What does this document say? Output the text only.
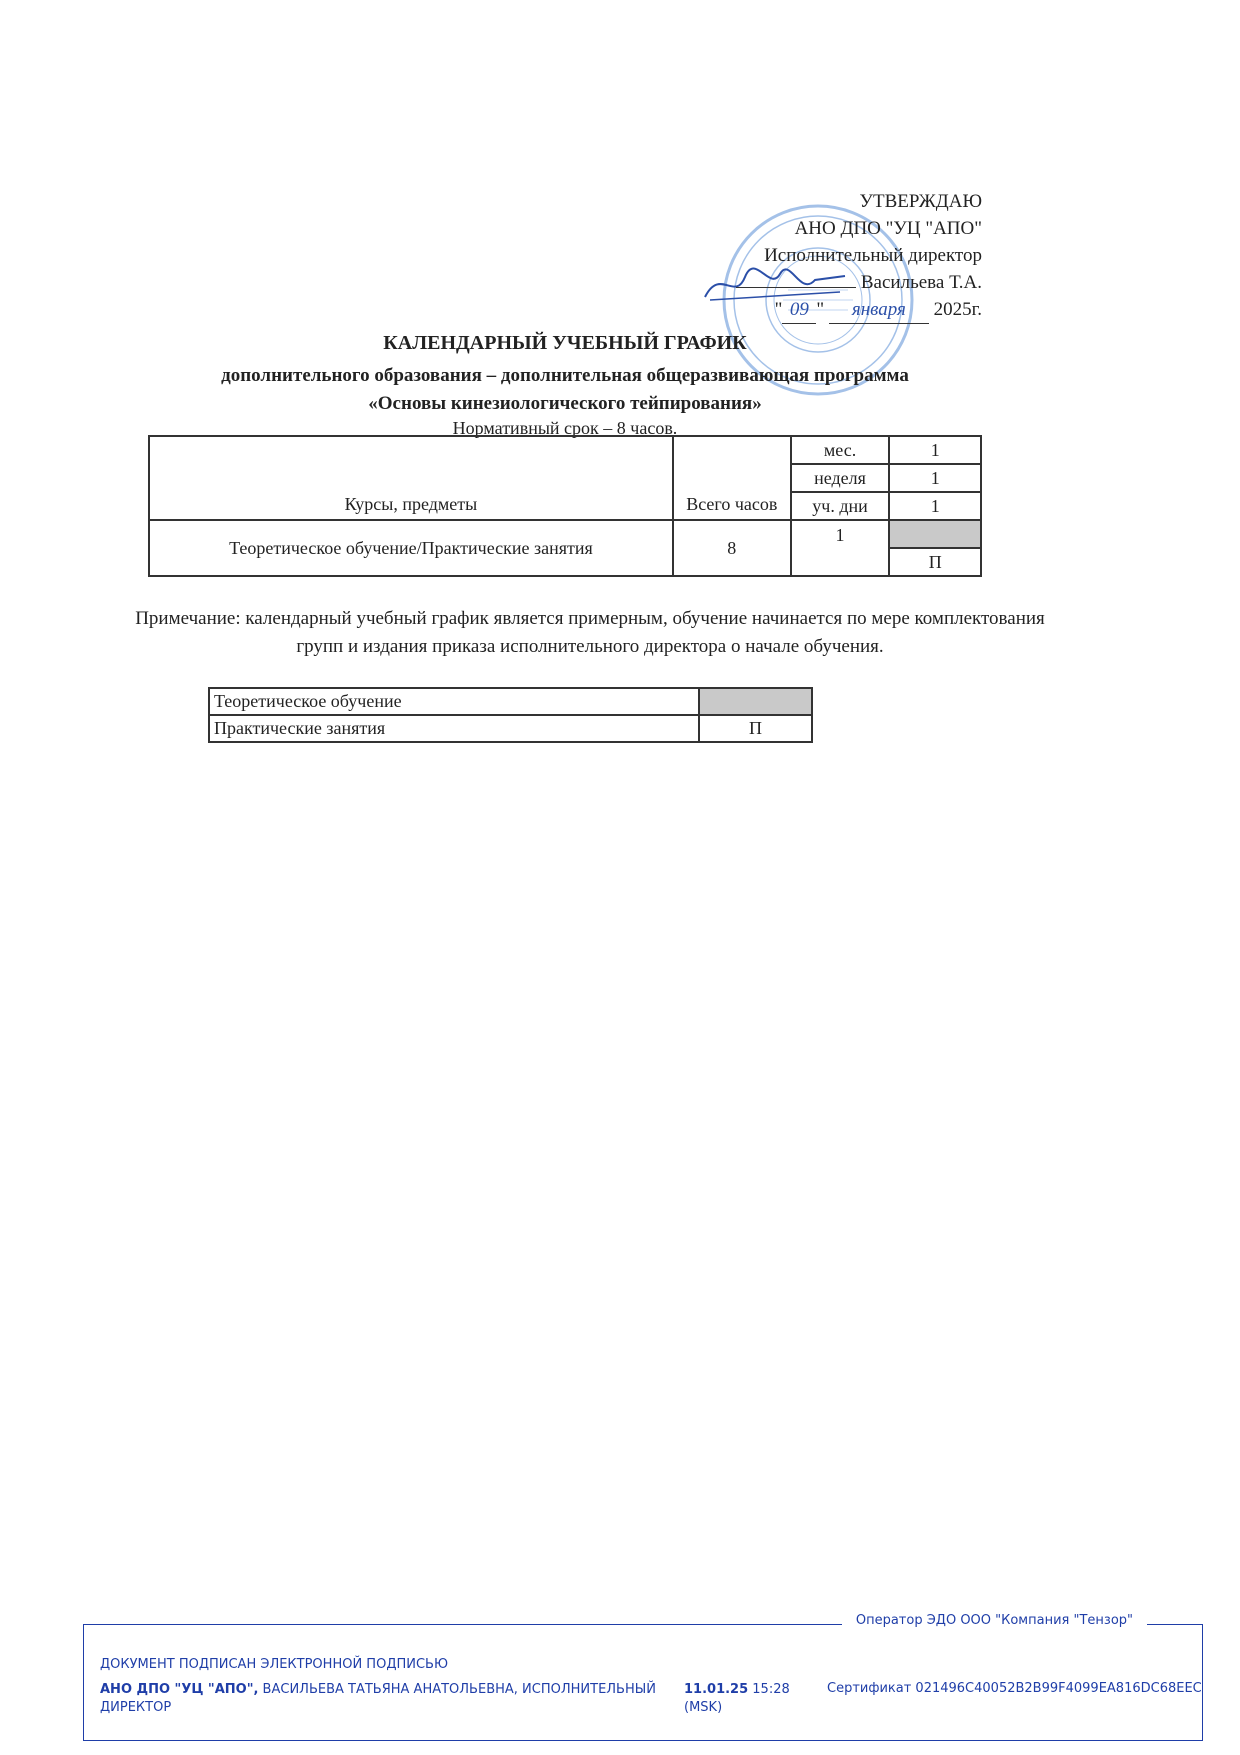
УТВЕРЖДАЮ
АНО ДПО "УЦ "АПО"
Исполнительный директор
Васильева Т.А.
" 09 " января 2025г.
КАЛЕНДАРНЫЙ УЧЕБНЫЙ ГРАФИК
дополнительного образования – дополнительная общеразвивающая программа
«Основы кинезиологического тейпирования»
Нормативный срок – 8 часов.
Курсы, предметы	Всего часов	мес.	1
		неделя	1
		уч. дни	1
Теоретическое обучение/Практические занятия	8	1	
			П
Примечание: календарный учебный график является примерным, обучение начинается по мере комплектования групп и издания приказа исполнительного директора о начале обучения.
Теоретическое обучение	
Практические занятия	П
Оператор ЭДО ООО "Компания "Тензор"
ДОКУМЕНТ ПОДПИСАН ЭЛЕКТРОННОЙ ПОДПИСЬЮ
АНО ДПО "УЦ "АПО", ВАСИЛЬЕВА ТАТЬЯНА АНАТОЛЬЕВНА, ИСПОЛНИТЕЛЬНЫЙ ДИРЕКТОР
11.01.25 15:28 (MSK)
Сертификат 021496C40052B2B99F4099EA816DC68EEC
